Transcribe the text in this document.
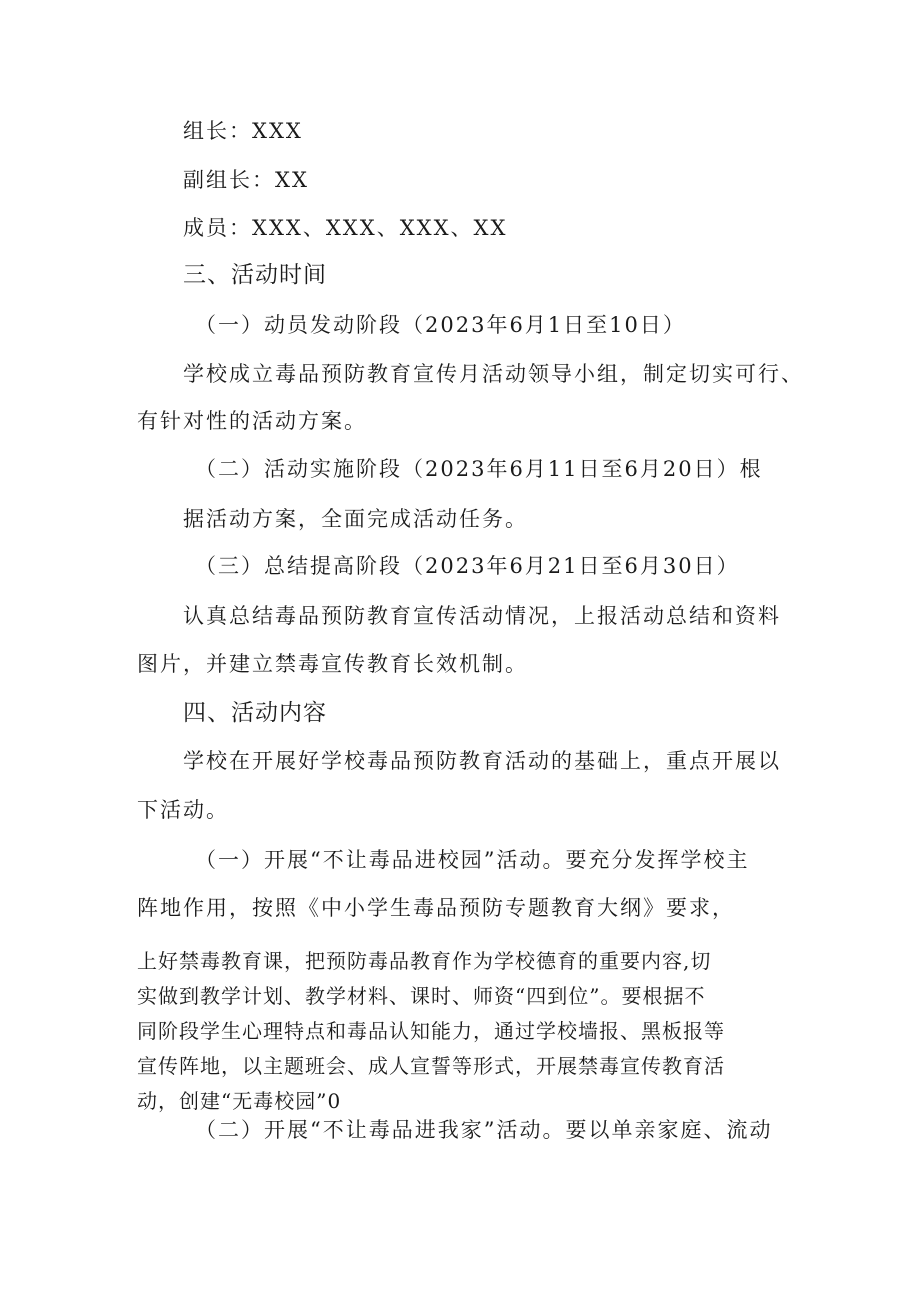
组长：XXX
副组长：XX
成员：XXX、XXX、XXX、XX
三、活动时间
（一）动员发动阶段（2023年6月1日至10日）
学校成立毒品预防教育宣传月活动领导小组，制定切实可行、
有针对性的活动方案。
（二）活动实施阶段（2023年6月11日至6月20日）根
据活动方案，全面完成活动任务。
（三）总结提高阶段（2023年6月21日至6月30日）
认真总结毒品预防教育宣传活动情况，上报活动总结和资料
图片，并建立禁毒宣传教育长效机制。
四、活动内容
学校在开展好学校毒品预防教育活动的基础上，重点开展以
下活动。
（一）开展“不让毒品进校园”活动。要充分发挥学校主
阵地作用，按照《中小学生毒品预防专题教育大纲》要求，
上好禁毒教育课，把预防毒品教育作为学校德育的重要内容,切
实做到教学计划、教学材料、课时、师资“四到位”。要根据不
同阶段学生心理特点和毒品认知能力，通过学校墙报、黑板报等
宣传阵地，以主题班会、成人宣誓等形式，开展禁毒宣传教育活
动，创建“无毒校园”0
（二）开展“不让毒品进我家”活动。要以单亲家庭、流动
